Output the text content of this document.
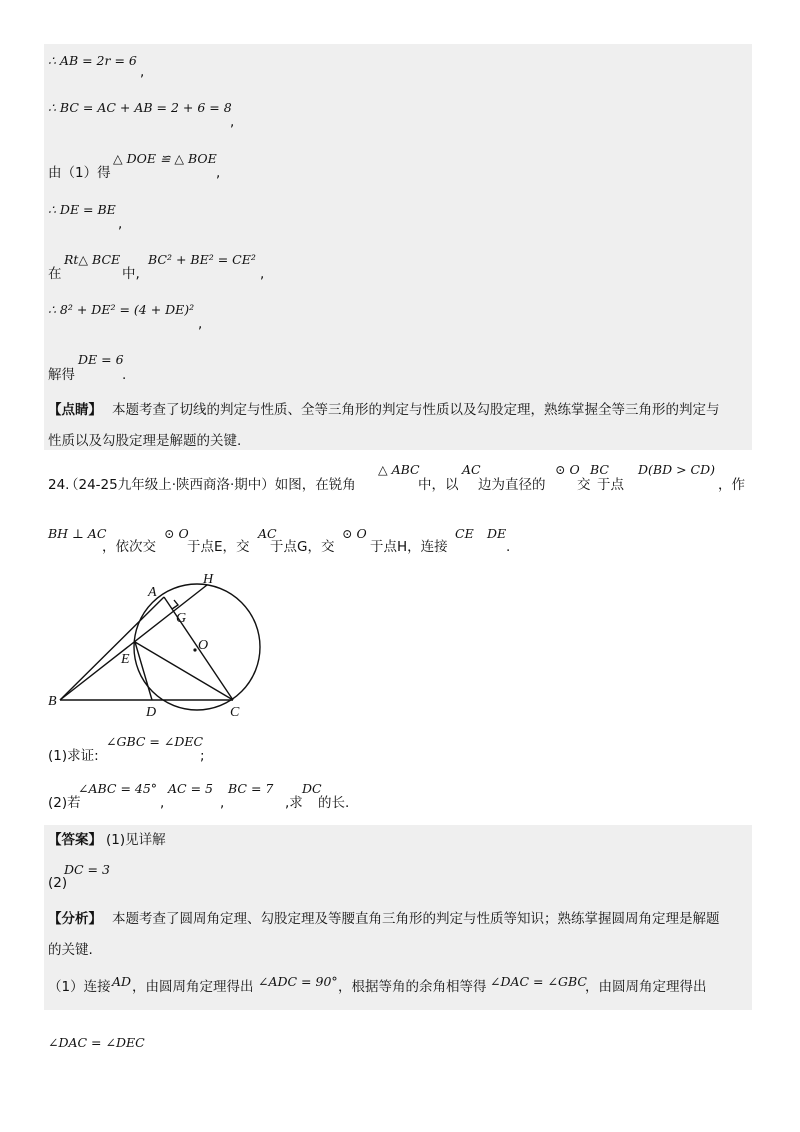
∴ AB = 2r = 6
,
∴ BC = AC + AB = 2 + 6 = 8
,
由（1）得
△ DOE ≌ △ BOE
,
∴ DE = BE
,
在
Rt△ BCE
中,
BC² + BE² = CE²
,
∴ 8² + DE² = (4 + DE)²
,
解得
DE = 6
.
【点睛】 本题考查了切线的判定与性质、全等三角形的判定与性质以及勾股定理，熟练掌握全等三角形的判定与
性质以及勾股定理是解题的关键.
24.
（24-25九年级上·陕西商洛·期中）如图，在锐角
△ ABC
中，以
AC
边为直径的
⊙ O
交
BC
于点
D(BD > CD)
，作
BH ⊥ AC
，依次交
⊙ O
于点E，交
AC
于点G，交
⊙ O
于点H，连接
CE DE
.
H
A
G
O
E
B
D	C
(1)求证:
∠GBC = ∠DEC
;
(2)若
∠ABC = 45° AC = 5 BC = 7
,	,	,求
DC
的长.
【答案】 (1)见详解
DC = 3
(2)
【分析】 本题考查了圆周角定理、勾股定理及等腰直角三角形的判定与性质等知识；熟练掌握圆周角定理是解题
的关键.
（1）连接 AD ，由圆周角定理得出 ∠ADC = 90° ，根据等角的余角相等得 ∠DAC = ∠GBC
，由圆周角定理得出
∠DAC = ∠DEC
